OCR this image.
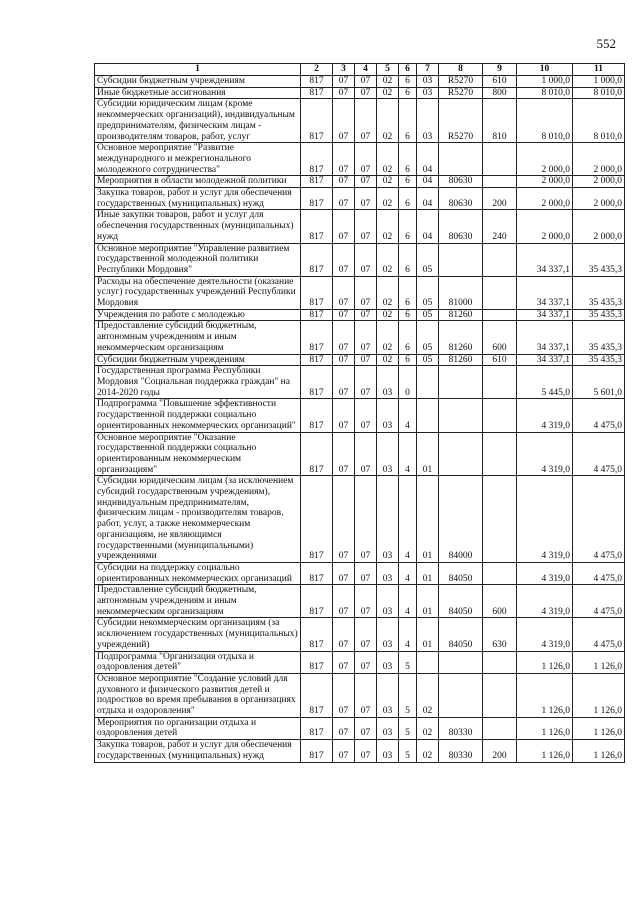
552
1	2	3	4	5	6	7	8	9	10	11
Субсидии бюджетным учреждениям	817	07	07	02	6	03	R5270	610	1 000,0	1 000,0
Иные бюджетные ассигнования	817	07	07	02	6	03	R5270	800	8 010,0	8 010,0
Субсидии юридическим лицам (кроме некоммерческих организаций), индивидуальным предпринимателям, физическим лицам - производителям товаров, работ, услуг	817	07	07	02	6	03	R5270	810	8 010,0	8 010,0
Основное мероприятие "Развитие международного и межрегионального молодежного сотрудничества"	817	07	07	02	6	04			2 000,0	2 000,0
Мероприятия в области молодежной политики	817	07	07	02	6	04	80630		2 000,0	2 000,0
Закупка товаров, работ и услуг для обеспечения государственных (муниципальных) нужд	817	07	07	02	6	04	80630	200	2 000,0	2 000,0
Иные закупки товаров, работ и услуг для обеспечения государственных (муниципальных) нужд	817	07	07	02	6	04	80630	240	2 000,0	2 000,0
Основное мероприятие "Управление развитием государственной молодежной политики Республики Мордовия"	817	07	07	02	6	05			34 337,1	35 435,3
Расходы на обеспечение деятельности (оказание услуг) государственных учреждений Республики Мордовия	817	07	07	02	6	05	81000		34 337,1	35 435,3
Учреждения по работе с молодежью	817	07	07	02	6	05	81260		34 337,1	35 435,3
Предоставление субсидий бюджетным, автономным учреждениям и иным некоммерческим организациям	817	07	07	02	6	05	81260	600	34 337,1	35 435,3
Субсидии бюджетным учреждениям	817	07	07	02	6	05	81260	610	34 337,1	35 435,3
Государственная программа Республики Мордовия "Социальная поддержка граждан" на 2014-2020 годы	817	07	07	03	0				5 445,0	5 601,0
Подпрограмма "Повышение эффективности государственной поддержки социально ориентированных некоммерческих организаций"	817	07	07	03	4				4 319,0	4 475,0
Основное мероприятие "Оказание государственной поддержки социально ориентированным некоммерческим организациям"	817	07	07	03	4	01			4 319,0	4 475,0
Субсидии юридическим лицам (за исключением субсидий государственным учреждениям), индивидуальным предпринимателям, физическим лицам - производителям товаров, работ, услуг, а также некоммерческим организациям, не являющимся государственными (муниципальными) учреждениями	817	07	07	03	4	01	84000		4 319,0	4 475,0
Субсидии на поддержку социально ориентированных некоммерческих организаций	817	07	07	03	4	01	84050		4 319,0	4 475,0
Предоставление субсидий бюджетным, автономным учреждениям и иным некоммерческим организациям	817	07	07	03	4	01	84050	600	4 319,0	4 475,0
Субсидии некоммерческим организациям (за исключением государственных (муниципальных) учреждений)	817	07	07	03	4	01	84050	630	4 319,0	4 475,0
Подпрограмма "Организация отдыха и оздоровления детей"	817	07	07	03	5				1 126,0	1 126,0
Основное мероприятие "Создание условий для духовного и физического развития детей и подростков во время пребывания в организациях отдыха и оздоровления"	817	07	07	03	5	02			1 126,0	1 126,0
Мероприятия по организации отдыха и оздоровления детей	817	07	07	03	5	02	80330		1 126,0	1 126,0
Закупка товаров, работ и услуг для обеспечения государственных (муниципальных) нужд	817	07	07	03	5	02	80330	200	1 126,0	1 126,0
